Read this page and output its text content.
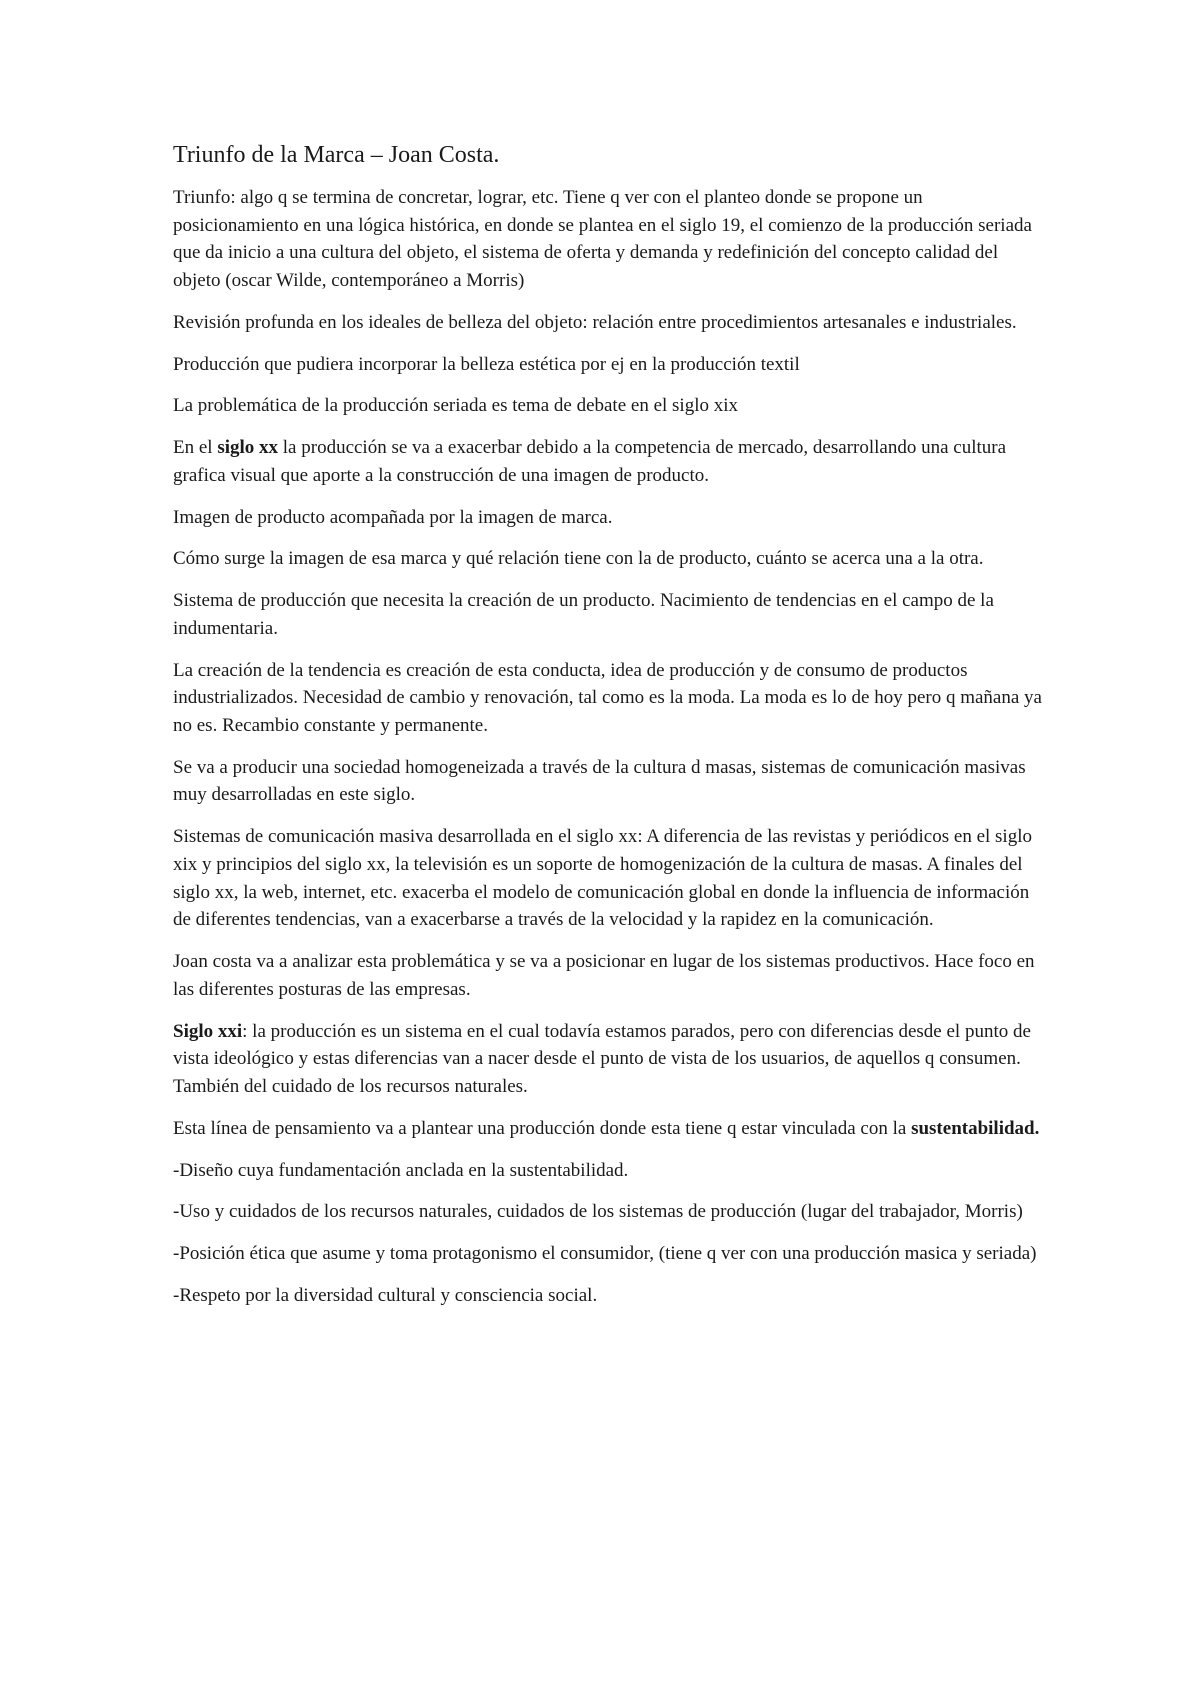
Triunfo de la Marca – Joan Costa.

Triunfo: algo q se termina de concretar, lograr, etc. Tiene q ver con el planteo donde se propone un posicionamiento en una lógica histórica, en donde se plantea en el siglo 19, el comienzo de la producción seriada que da inicio a una cultura del objeto, el sistema de oferta y demanda y redefinición del concepto calidad del objeto (oscar Wilde, contemporáneo a Morris)

Revisión profunda en los ideales de belleza del objeto: relación entre procedimientos artesanales e industriales.

Producción que pudiera incorporar la belleza estética por ej en la producción textil

La problemática de la producción seriada es tema de debate en el siglo xix

En el siglo xx la producción se va a exacerbar debido a la competencia de mercado, desarrollando una cultura grafica visual que aporte a la construcción de una imagen de producto.

Imagen de producto acompañada por la imagen de marca.

Cómo surge la imagen de esa marca y qué relación tiene con la de producto, cuánto se acerca una a la otra.

Sistema de producción que necesita la creación de un producto. Nacimiento de tendencias en el campo de la indumentaria.

La creación de la tendencia es creación de esta conducta, idea de producción y de consumo de productos industrializados. Necesidad de cambio y renovación, tal como es la moda. La moda es lo de hoy pero q mañana ya no es. Recambio constante y permanente.

Se va a producir una sociedad homogeneizada a través de la cultura d masas, sistemas de comunicación masivas muy desarrolladas en este siglo.

Sistemas de comunicación masiva desarrollada en el siglo xx: A diferencia de las revistas y periódicos en el siglo xix y principios del siglo xx, la televisión es un soporte de homogenización de la cultura de masas. A finales del siglo xx, la web, internet, etc. exacerba el modelo de comunicación global en donde la influencia de información de diferentes tendencias, van a exacerbarse a través de la velocidad y la rapidez en la comunicación.

Joan costa va a analizar esta problemática y se va a posicionar en lugar de los sistemas productivos. Hace foco en las diferentes posturas de las empresas.

Siglo xxi: la producción es un sistema en el cual todavía estamos parados, pero con diferencias desde el punto de vista ideológico y estas diferencias van a nacer desde el punto de vista de los usuarios, de aquellos q consumen. También del cuidado de los recursos naturales.

Esta línea de pensamiento va a plantear una producción donde esta tiene q estar vinculada con la sustentabilidad.

-Diseño cuya fundamentación anclada en la sustentabilidad.

-Uso y cuidados de los recursos naturales, cuidados de los sistemas de producción (lugar del trabajador, Morris)

-Posición ética que asume y toma protagonismo el consumidor, (tiene q ver con una producción masica y seriada)

-Respeto por la diversidad cultural y consciencia social.
